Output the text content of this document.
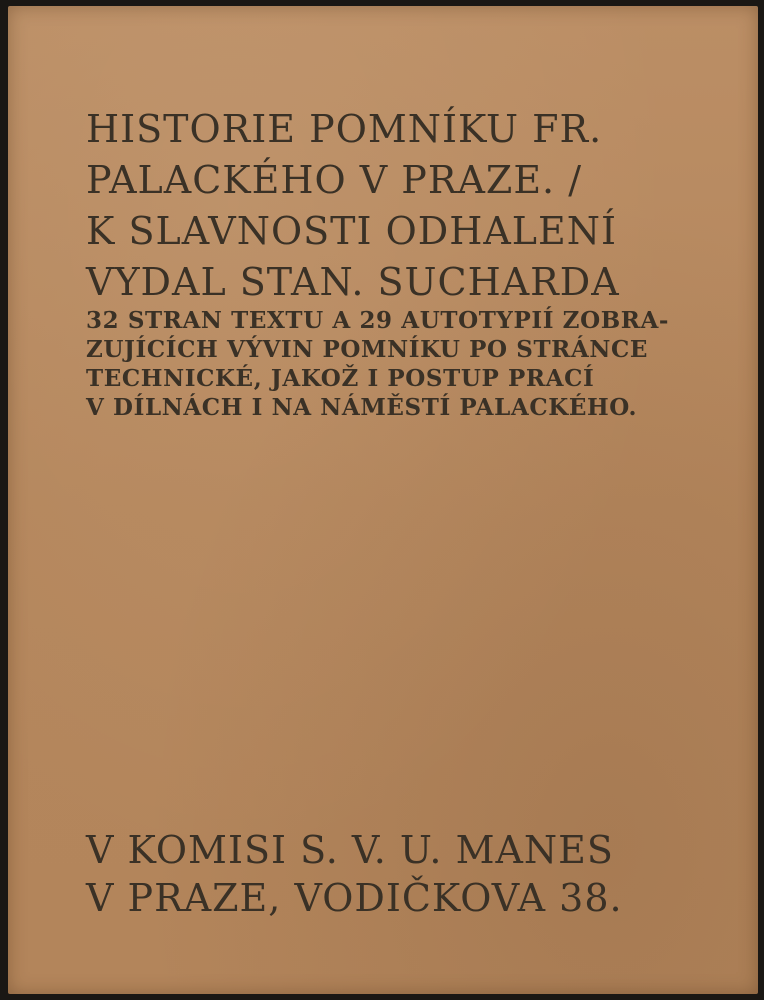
HISTORIE POMNÍKU FR.
PALACKÉHO V PRAZE. /
K SLAVNOSTI ODHALENÍ
VYDAL STAN. SUCHARDA
32 STRAN TEXTU A 29 AUTOTYPIÍ ZOBRA-
ZUJÍCÍCH VÝVIN POMNÍKU PO STRÁNCE
TECHNICKÉ, JAKOŽ I POSTUP PRACÍ
V DÍLNÁCH I NA NÁMĚSTÍ PALACKÉHO.
V KOMISI S. V. U. MANES
V PRAZE, VODIČKOVA 38.
